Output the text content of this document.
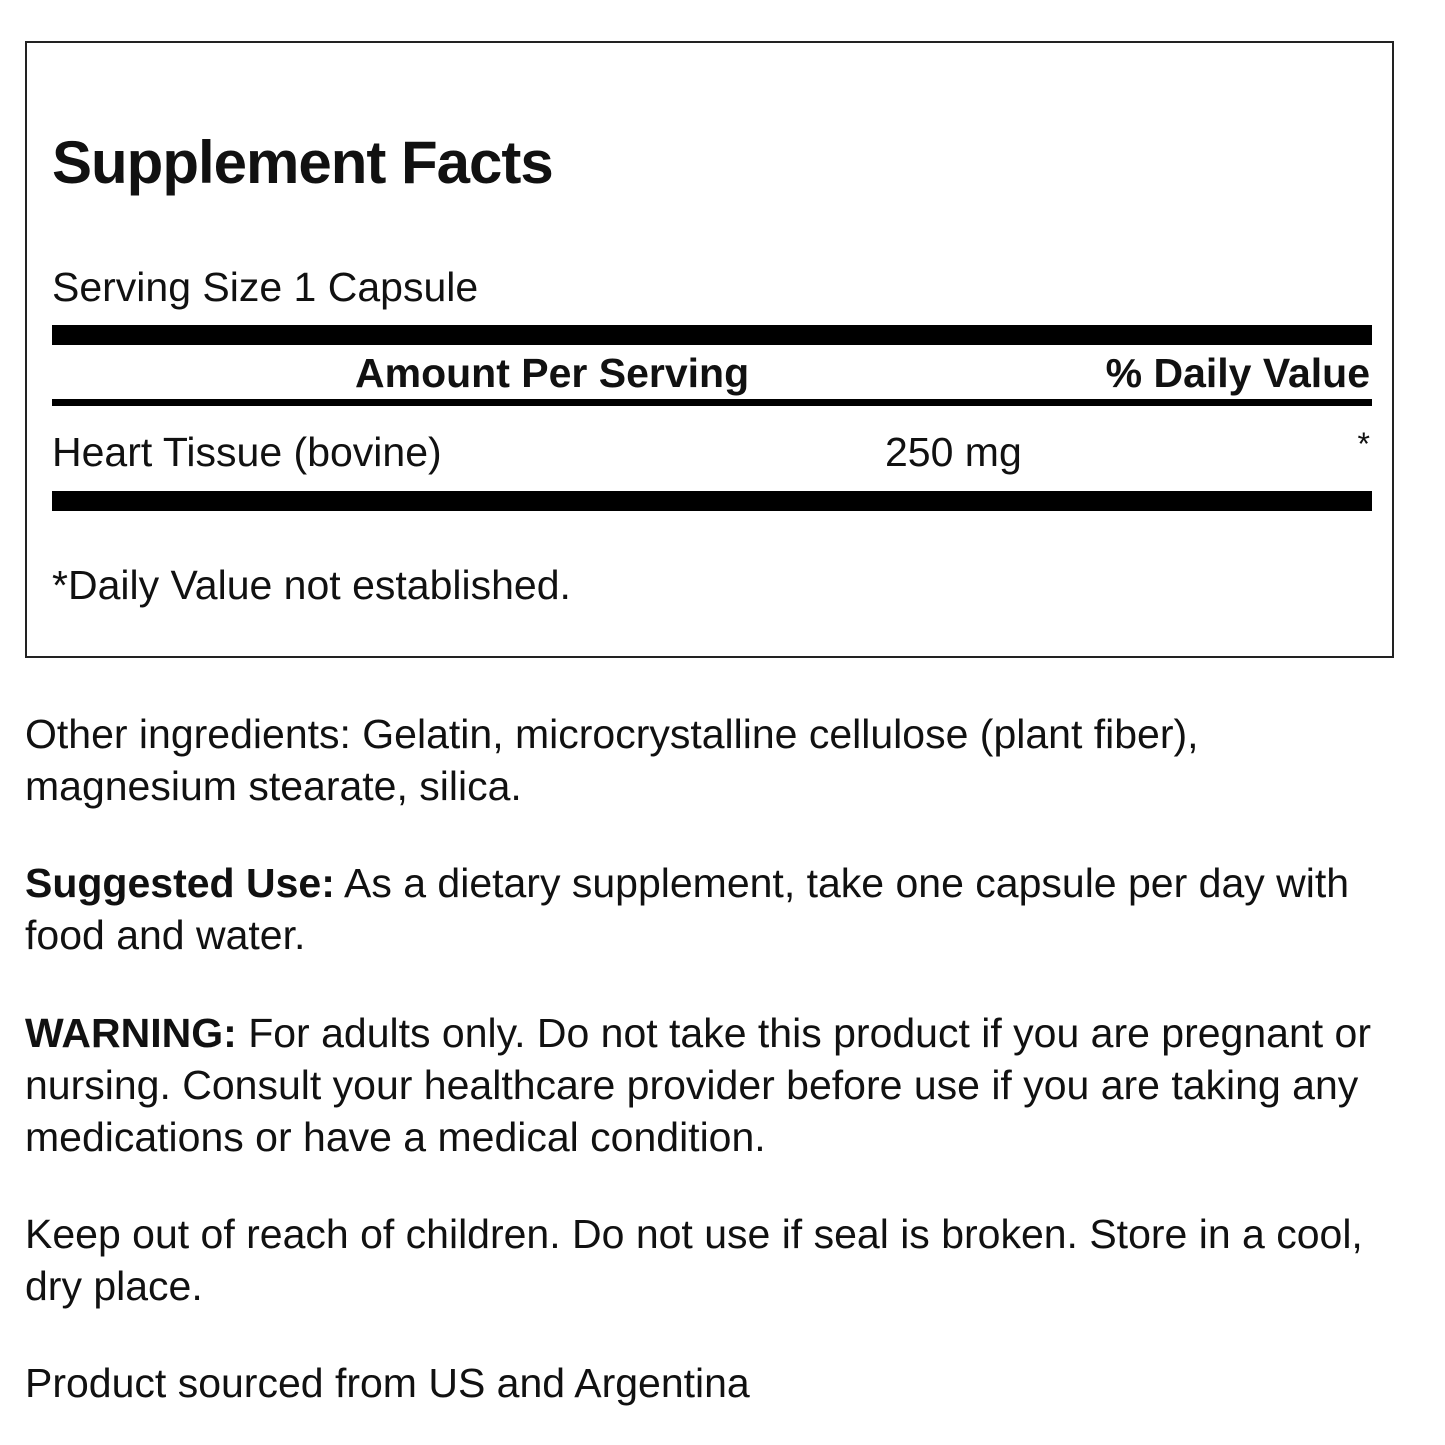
Supplement Facts
Serving Size 1 Capsule
Amount Per Serving	% Daily Value
Heart Tissue (bovine)	250 mg	*
*Daily Value not established.

Other ingredients: Gelatin, microcrystalline cellulose (plant fiber), magnesium stearate, silica.

Suggested Use: As a dietary supplement, take one capsule per day with food and water.

WARNING: For adults only. Do not take this product if you are pregnant or nursing. Consult your healthcare provider before use if you are taking any medications or have a medical condition.

Keep out of reach of children. Do not use if seal is broken. Store in a cool, dry place.

Product sourced from US and Argentina
